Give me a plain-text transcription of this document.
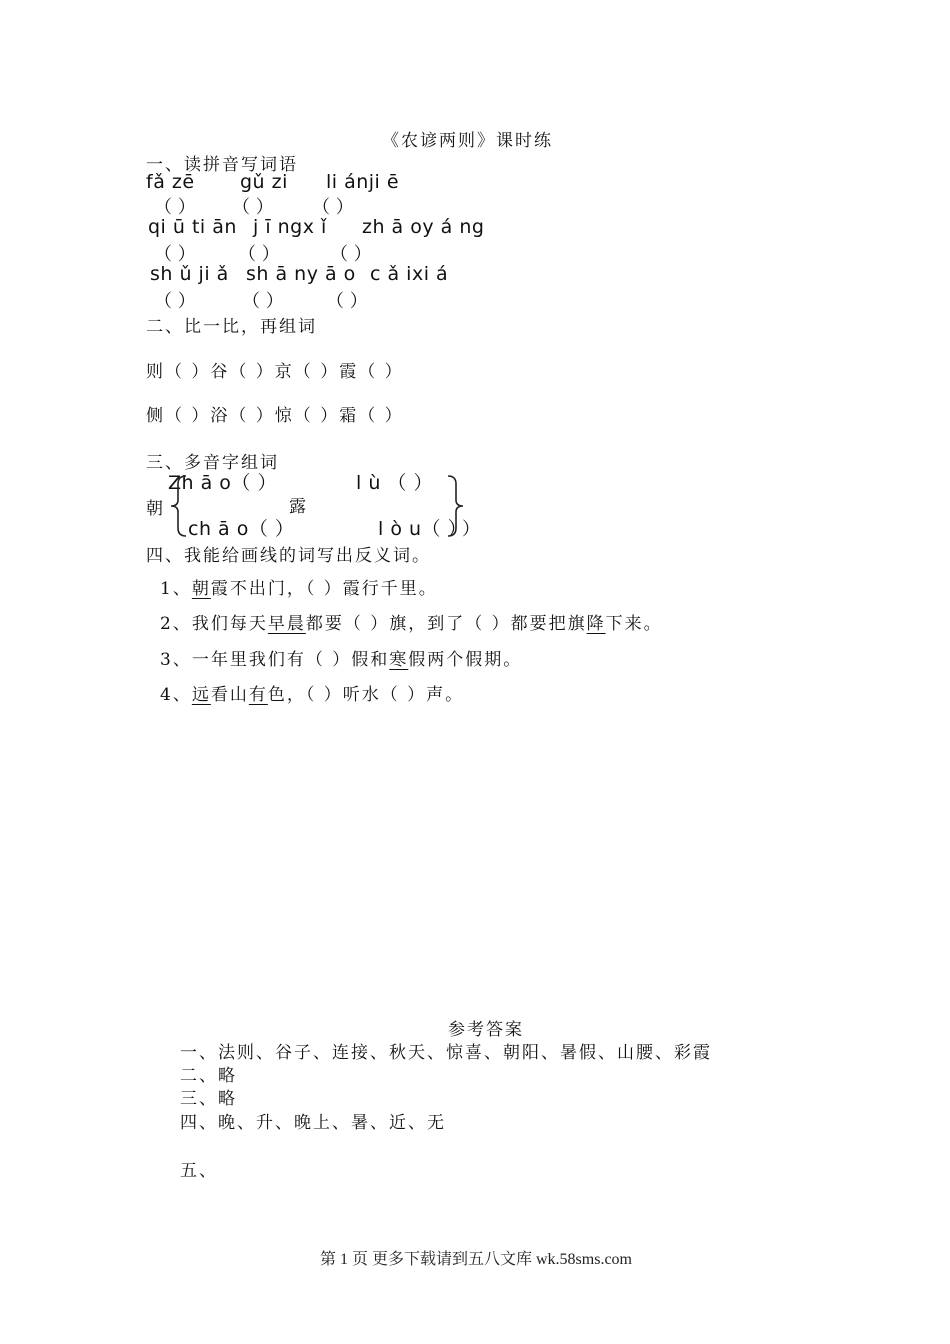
《农谚两则》课时练
一、读拼音写词语
fǎ zē gǔ zi li ánji ē
（ ） （ ） （ ）
qi ū ti ān j ī ngx ǐ zh ā oy á ng
（ ） （ ）	（ ）
sh ǔ ji ǎ sh ā ny ā o c ǎ ixi á
（ ）	（ ） （ ）
二、比一比，再组词
则（ ）谷（ ）京（ ）霞（ ）
侧（ ）浴（ ）惊（ ）霜（ ）
三、多音字组词
Zh ā o（ ）
朝
ch ā o（ ）
l ù （ ）
露
l ò u（ ）
）
四、我能给画线的词写出反义词。
1、朝霞不出门，（ ）霞行千里。
2、我们每天早晨都要（ ）旗，到了（ ）都要把旗降下来。
3、一年里我们有（ ）假和寒假两个假期。
4、远看山有色，（ ）听水（ ）声。
参考答案
一、法则、谷子、连接、秋天、惊喜、朝阳、暑假、山腰、彩霞
二、略
三、略
四、晚、升、晚上、暑、近、无
五、
第 1 页 更多下载请到五八文库 wk.58sms.com
